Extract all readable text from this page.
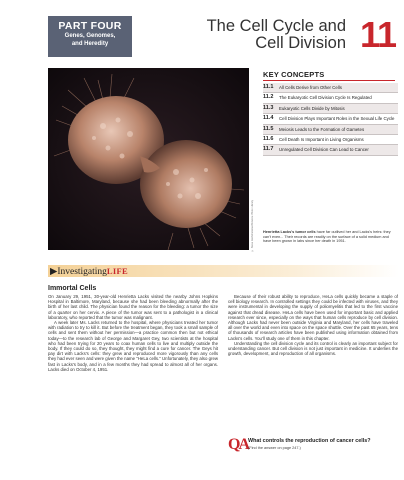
PART FOUR
Genes, Genomes,
and Heredity
The Cell Cycle and
Cell Division 11
© Steve Gschmeissner/Science Photo Library
KEY CONCEPTS
11.1	All Cells Derive from Other Cells
11.2	The Eukaryotic Cell Division Cycle Is Regulated
11.3	Eukaryotic Cells Divide by Mitosis
11.4	Cell Division Plays Important Roles in the Sexual Life Cycle
11.5	Meiosis Leads to the Formation of Gametes
11.6	Cell Death Is Important in Living Organisms
11.7	Unregulated Cell Division Can Lead to Cancer
Henrietta Lacks's tumor cells have far outlived her and Lacks's heirs: they can't even... Their records are readily on the surface of a solid medium and have been grown in labs since her death in 1951.
▶InvestigatingLIFE
Immortal Cells

On January 29, 1951, 30-year-old Henrietta Lacks visited the nearby Johns Hopkins Hospital in Baltimore, Maryland, because she had been bleeding abnormally after the birth of her last child. The physician found the reason for the bleeding: a tumor the size of a quarter on her cervix. A piece of the tumor was sent to a pathologist in a clinical laboratory, who reported that the tumor was malignant.

A week later Ms. Lacks returned to the hospital, where physicians treated her tumor with radiation to try to kill it. But before the treatment began, they took a small sample of cells and sent them without her permission—a practice common then but not ethical today—to the research lab of George and Margaret Gey, two scientists at the hospital who had been trying for 20 years to coax human cells to live and multiply outside the body. If they could do so, they thought, they might find a cure for cancer. The Geys hit pay dirt with Lacks's cells: they grew and reproduced more vigorously than any cells they had ever seen and were given the name "HeLa cells." Unfortunately, they also grew fast in Lacks's body, and in a few months they had spread to almost all of her organs. Lacks died on October 4, 1951.

Because of their robust ability to reproduce, HeLa cells quickly became a staple of cell biology research. In controlled settings they could be infected with viruses, and they were instrumental in developing the supply of poliomyelitis that led to the first vaccine against that dread disease. HeLa cells have been used for important basic and applied research ever since, especially on the ways that human cells reproduce by cell division. Although Lacks had never been outside Virginia and Maryland, her cells have traveled all over the world and even into space on the space shuttle. Over the past 65 years, tens of thousands of research articles have been published using information obtained from Lacks's cells. You'll study one of them in this chapter.

Understanding the cell division cycle and its control is clearly an important subject for understanding cancer. But cell division is not just important in medicine. It underlies the growth, development, and reproduction of all organisms.

QA What controls the reproduction of cancer cells?
(Find the answer on page 247.)
